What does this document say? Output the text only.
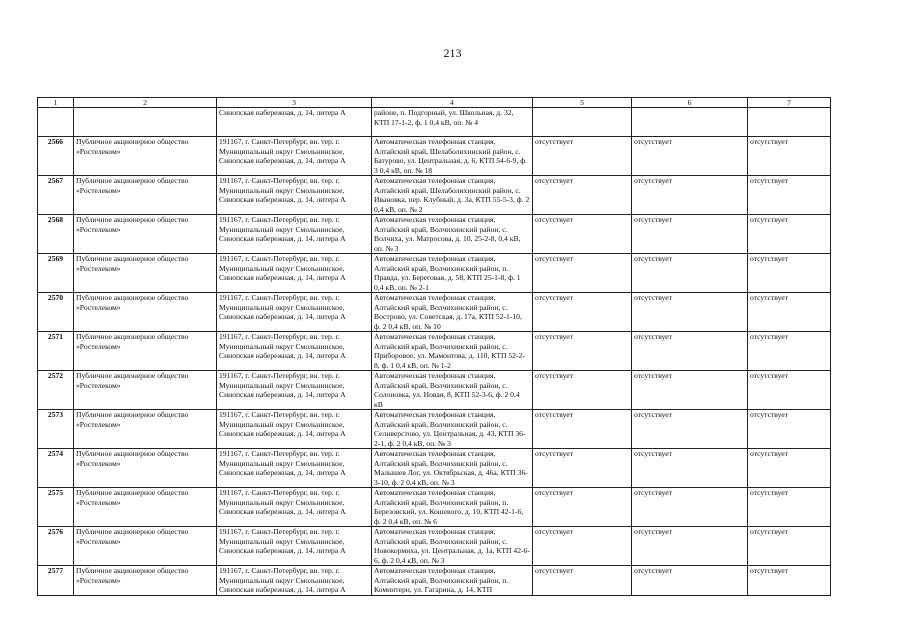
213
1	2	3	4	5	6	7
		Синопская набережная, д. 14, литера А	районе, п. Подгорный, ул. Школьная, д. 32, КТП 17-1-2, ф. 1 0,4 кВ, оп. № 4			
2566	Публичное акционерное общество «Ростелеком»	191167, г. Санкт-Петербург, вн. тер. г. Муниципальный округ Смольнинское, Синопская набережная, д. 14, литера А	Автоматическая телефонная станция, Алтайский край, Шелаболихинский район, с. Батурово, ул. Центральная, д. 6, КТП 54-6-9, ф. 3 0,4 кВ, оп. № 18	отсутствует	отсутствует	отсутствует
2567	Публичное акционерное общество «Ростелеком»	191167, г. Санкт-Петербург, вн. тер. г. Муниципальный округ Смольнинское, Синопская набережная, д. 14, литера А	Автоматическая телефонная станция, Алтайский край, Шелаболихинский район, с. Ивановка, пер. Клубный, д. 3а, КТП 55-5-3, ф. 2 0,4 кВ, оп. № 2	отсутствует	отсутствует	отсутствует
2568	Публичное акционерное общество «Ростелеком»	191167, г. Санкт-Петербург, вн. тер. г. Муниципальный округ Смольнинское, Синопская набережная, д. 14, литера А	Автоматическая телефонная станция, Алтайский край, Волчихинский район, с. Волчиха, ул. Матросова, д. 10, 25-2-8, 0,4 кВ, оп. № 3	отсутствует	отсутствует	отсутствует
2569	Публичное акционерное общество «Ростелеком»	191167, г. Санкт-Петербург, вн. тер. г. Муниципальный округ Смольнинское, Синопская набережная, д. 14, литера А	Автоматическая телефонная станция, Алтайский край, Волчихинский район, п. Правда, ул. Береговая, д. 58, КТП 25-1-8, ф. 1 0,4 кВ, оп. № 2-1	отсутствует	отсутствует	отсутствует
2570	Публичное акционерное общество «Ростелеком»	191167, г. Санкт-Петербург, вн. тер. г. Муниципальный округ Смольнинское, Синопская набережная, д. 14, литера А	Автоматическая телефонная станция, Алтайский край, Волчихинский район, с. Вострово, ул. Советская, д. 17а, КТП 52-1-10, ф. 2 0,4 кВ, оп. № 10	отсутствует	отсутствует	отсутствует
2571	Публичное акционерное общество «Ростелеком»	191167, г. Санкт-Петербург, вн. тер. г. Муниципальный округ Смольнинское, Синопская набережная, д. 14, литера А	Автоматическая телефонная станция, Алтайский край, Волчихинский район, с. Приборовое, ул. Мамонтова, д. 110, КТП 52-2-8, ф. 1 0,4 кВ, оп. № 1-2	отсутствует	отсутствует	отсутствует
2572	Публичное акционерное общество «Ростелеком»	191167, г. Санкт-Петербург, вн. тер. г. Муниципальный округ Смольнинское, Синопская набережная, д. 14, литера А	Автоматическая телефонная станция, Алтайский край, Волчихинский район, с. Солоновка, ул. Новая, 8, КТП 52-3-6, ф. 2 0,4 кВ	отсутствует	отсутствует	отсутствует
2573	Публичное акционерное общество «Ростелеком»	191167, г. Санкт-Петербург, вн. тер. г. Муниципальный округ Смольнинское, Синопская набережная, д. 14, литера А	Автоматическая телефонная станция, Алтайский край, Волчихинский район, с. Селиверстово, ул. Центральная, д. 43, КТП 36-2-1, ф. 2 0,4 кВ, оп. № 3	отсутствует	отсутствует	отсутствует
2574	Публичное акционерное общество «Ростелеком»	191167, г. Санкт-Петербург, вн. тер. г. Муниципальный округ Смольнинское, Синопская набережная, д. 14, литера А	Автоматическая телефонная станция, Алтайский край, Волчихинский район, с. Малышев Лог, ул. Октябрьская, д. 46а, КТП 36-3-10, ф. 2 0,4 кВ, оп. № 3	отсутствует	отсутствует	отсутствует
2575	Публичное акционерное общество «Ростелеком»	191167, г. Санкт-Петербург, вн. тер. г. Муниципальный округ Смольнинское, Синопская набережная, д. 14, литера А	Автоматическая телефонная станция, Алтайский край, Волчихинский район, п. Березовский, ул. Кошевого, д. 10, КТП 42-1-6, ф. 2 0,4 кВ, оп. № 6	отсутствует	отсутствует	отсутствует
2576	Публичное акционерное общество «Ростелеком»	191167, г. Санкт-Петербург, вн. тер. г. Муниципальный округ Смольнинское, Синопская набережная, д. 14, литера А	Автоматическая телефонная станция, Алтайский край, Волчихинский район, с. Новокормиха, ул. Центральная, д. 1а, КТП 42-6-6, ф. 2 0,4 кВ, оп. № 3	отсутствует	отсутствует	отсутствует
2577	Публичное акционерное общество «Ростелеком»	191167, г. Санкт-Петербург, вн. тер. г. Муниципальный округ Смольнинское, Синопская набережная, д. 14, литера А	Автоматическая телефонная станция, Алтайский край, Волчихинский район, п. Коминтерн, ул. Гагарина, д. 14, КТП	отсутствует	отсутствует	отсутствует
